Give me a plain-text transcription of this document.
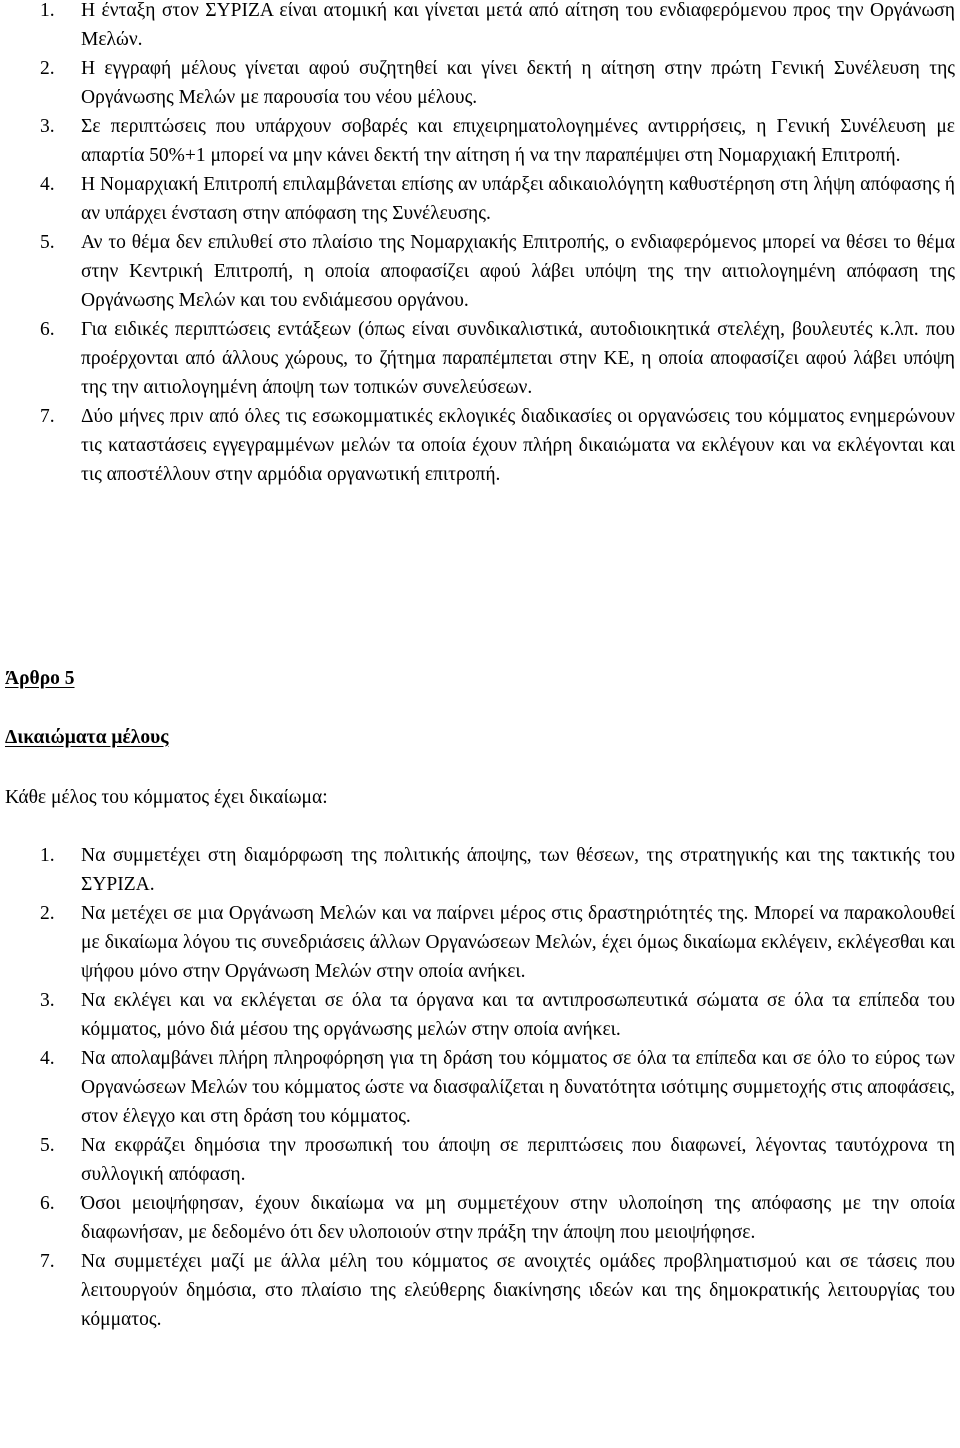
1. Η ένταξη στον ΣΥΡΙΖΑ είναι ατομική και γίνεται μετά από αίτηση του ενδιαφερόμενου προς την Οργάνωση Μελών.
2. Η εγγραφή μέλους γίνεται αφού συζητηθεί και γίνει δεκτή η αίτηση στην πρώτη Γενική Συνέλευση της Οργάνωσης Μελών με παρουσία του νέου μέλους.
3. Σε περιπτώσεις που υπάρχουν σοβαρές και επιχειρηματολογημένες αντιρρήσεις, η Γενική Συνέλευση με απαρτία 50%+1 μπορεί να μην κάνει δεκτή την αίτηση ή να την παραπέμψει στη Νομαρχιακή Επιτροπή.
4. Η Νομαρχιακή Επιτροπή επιλαμβάνεται επίσης αν υπάρξει αδικαιολόγητη καθυστέρηση στη λήψη απόφασης ή αν υπάρχει ένσταση στην απόφαση της Συνέλευσης.
5. Αν το θέμα δεν επιλυθεί στο πλαίσιο της Νομαρχιακής Επιτροπής, ο ενδιαφερόμενος μπορεί να θέσει το θέμα στην Κεντρική Επιτροπή, η οποία αποφασίζει αφού λάβει υπόψη της την αιτιολογημένη απόφαση της Οργάνωσης Μελών και του ενδιάμεσου οργάνου.
6. Για ειδικές περιπτώσεις εντάξεων (όπως είναι συνδικαλιστικά, αυτοδιοικητικά στελέχη, βουλευτές κ.λπ. που προέρχονται από άλλους χώρους, το ζήτημα παραπέμπεται στην ΚΕ, η οποία αποφασίζει αφού λάβει υπόψη της την αιτιολογημένη άποψη των τοπικών συνελεύσεων.
7. Δύο μήνες πριν από όλες τις εσωκομματικές εκλογικές διαδικασίες οι οργανώσεις του κόμματος ενημερώνουν τις καταστάσεις εγγεγραμμένων μελών τα οποία έχουν πλήρη δικαιώματα να εκλέγουν και να εκλέγονται και τις αποστέλλουν στην αρμόδια οργανωτική επιτροπή.
Άρθρο 5
Δικαιώματα μέλους
Κάθε μέλος του κόμματος έχει δικαίωμα:
1. Να συμμετέχει στη διαμόρφωση της πολιτικής άποψης, των θέσεων, της στρατηγικής και της τακτικής του ΣΥΡΙΖΑ.
2. Να μετέχει σε μια Οργάνωση Μελών και να παίρνει μέρος στις δραστηριότητές της. Μπορεί να παρακολουθεί με δικαίωμα λόγου τις συνεδριάσεις άλλων Οργανώσεων Μελών, έχει όμως δικαίωμα εκλέγειν, εκλέγεσθαι και ψήφου μόνο στην Οργάνωση Μελών στην οποία ανήκει.
3. Να εκλέγει και να εκλέγεται σε όλα τα όργανα και τα αντιπροσωπευτικά σώματα σε όλα τα επίπεδα του κόμματος, μόνο διά μέσου της οργάνωσης μελών στην οποία ανήκει.
4. Να απολαμβάνει πλήρη πληροφόρηση για τη δράση του κόμματος σε όλα τα επίπεδα και σε όλο το εύρος των Οργανώσεων Μελών του κόμματος ώστε να διασφαλίζεται η δυνατότητα ισότιμης συμμετοχής στις αποφάσεις, στον έλεγχο και στη δράση του κόμματος.
5. Να εκφράζει δημόσια την προσωπική του άποψη σε περιπτώσεις που διαφωνεί, λέγοντας ταυτόχρονα τη συλλογική απόφαση.
6. Όσοι μειοψήφησαν, έχουν δικαίωμα να μη συμμετέχουν στην υλοποίηση της απόφασης με την οποία διαφωνήσαν, με δεδομένο ότι δεν υλοποιούν στην πράξη την άποψη που μειοψήφησε.
7. Να συμμετέχει μαζί με άλλα μέλη του κόμματος σε ανοιχτές ομάδες προβληματισμού και σε τάσεις που λειτουργούν δημόσια, στο πλαίσιο της ελεύθερης διακίνησης ιδεών και της δημοκρατικής λειτουργίας του κόμματος.
